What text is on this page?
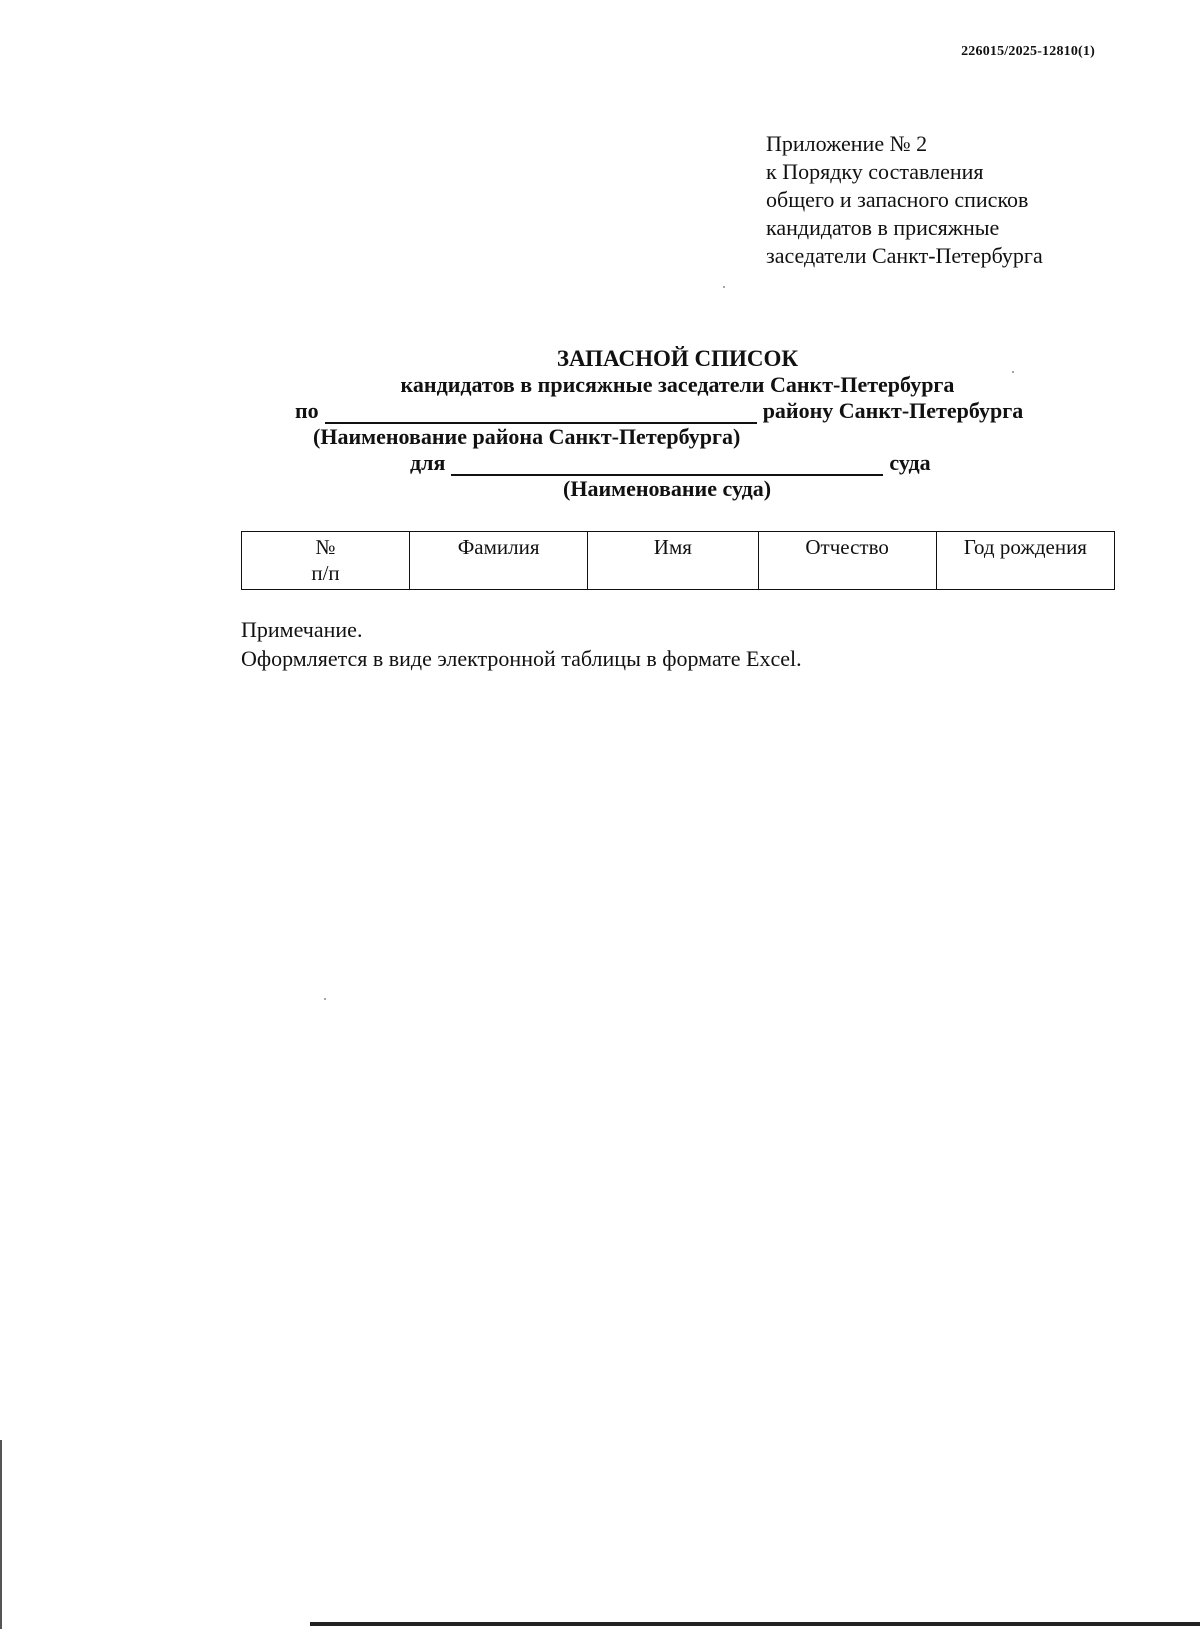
226015/2025-12810(1)
Приложение № 2
к Порядку составления
общего и запасного списков
кандидатов в присяжные
заседатели Санкт-Петербурга
ЗАПАСНОЙ СПИСОК
кандидатов в присяжные заседатели Санкт-Петербурга
по	району Санкт-Петербурга
(Наименование района Санкт-Петербурга)
для	суда
(Наименование суда)
№
п/п
	Фамилия	Имя	Отчество	Год рождения
Примечание.
Оформляется в виде электронной таблицы в формате Excel.
